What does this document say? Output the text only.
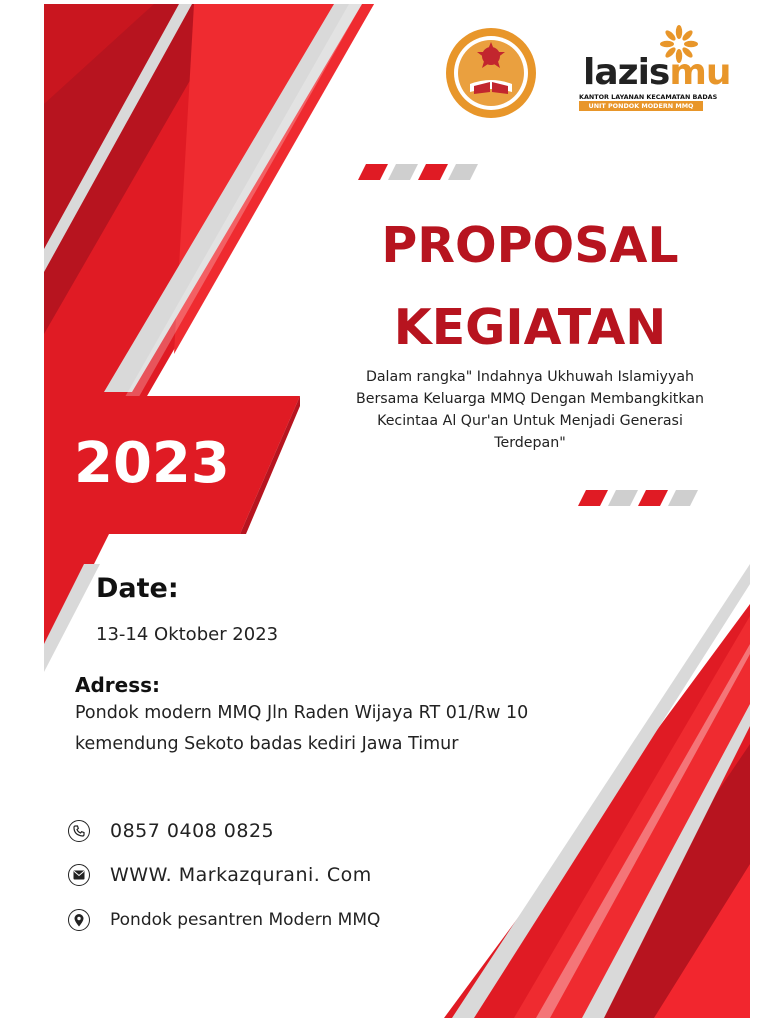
lazismu
KANTOR LAYANAN KECAMATAN BADAS
UNIT PONDOK MODERN MMQ
PROPOSAL
KEGIATAN

Dalam rangka" Indahnya Ukhuwah Islamiyyah Bersama Keluarga MMQ Dengan Membangkitkan Kecintaa Al Qur'an Untuk Menjadi Generasi Terdepan"

2023
Date:
13-14 Oktober 2023
Adress:
Pondok modern MMQ Jln Raden Wijaya RT 01/Rw 10 kemendung Sekoto badas kediri Jawa Timur
0857 0408 0825
WWW. Markazqurani. Com
Pondok pesantren Modern MMQ
